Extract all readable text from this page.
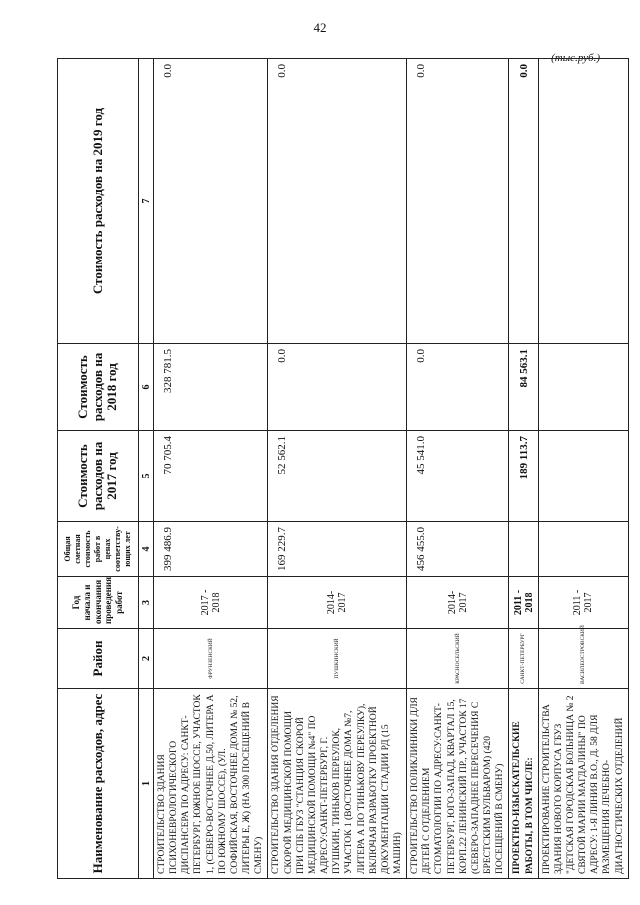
42
(тыс.руб.)
Наименование расходов, адрес	Район	Год начала и окончания проведения работ	Общая сметная стоимость работ в ценах соответству-ющих лет	Стоимость расходов на 2017 год	Стоимость расходов на 2018 год	Стоимость расходов на 2019 год
1	2	3	4	5	6	7
СТРОИТЕЛЬСТВО ЗДАНИЯ ПСИХОНЕВРОЛОГИЧЕСКОГО ДИСПАНСЕРА ПО АДРЕСУ: САНКТ-ПЕТЕРБУРГ, ЮЖНОЕ ШОССЕ, УЧАСТОК 1, (СЕВЕРО-ВОСТОЧНЕЕ Д.50, ЛИТЕРА А ПО ЮЖНОМУ ШОССЕ), (УЛ. СОФИЙСКАЯ, ВОСТОЧНЕЕ ДОМА № 52, ЛИТЕРЫ Е, Ж) (НА 300 ПОСЕЩЕНИЙ В СМЕНУ)	ФРУНЗЕНСКИЙ	2017 - 2018	399 486.9	70 705.4	328 781.5	0.0
СТРОИТЕЛЬСТВО ЗДАНИЯ ОТДЕЛЕНИЯ СКОРОЙ МЕДИЦИНСКОЙ ПОМОЩИ ПРИ СПБ ГБУЗ "СТАНЦИЯ СКОРОЙ МЕДИЦИНСКОЙ ПОМОЩИ №4" ПО АДРЕСУ:САНКТ-ПЕТЕРБУРГ, Г. ПУШКИН, ТИНЬКОВ ПЕРЕУЛОК, УЧАСТОК 1 (ВОСТОЧНЕЕ ДОМА №7, ЛИТЕРА А ПО ТИНЬКОВУ ПЕРЕУЛКУ), ВКЛЮЧАЯ РАЗРАБОТКУ ПРОЕКТНОЙ ДОКУМЕНТАЦИИ СТАДИИ РД (15 МАШИН)	ПУШКИНСКИЙ	2014-2017	169 229.7	52 562.1	0.0	0.0
СТРОИТЕЛЬСТВО ПОЛИКЛИНИКИ ДЛЯ ДЕТЕЙ С ОТДЕЛЕНИЕМ СТОМАТОЛОГИИ ПО АДРЕСУ:САНКТ-ПЕТЕРБУРГ, ЮГО-ЗАПАД, КВАРТАЛ 15, КОРП.22 ЛЕНИНСКИЙ ПР., УЧАСТОК 17 (СЕВЕРО-ЗАПАДНЕЕ ПЕРЕСЕЧЕНИЯ С БРЕСТСКИМ БУЛЬВАРОМ) (420 ПОСЕЩЕНИЙ В СМЕНУ)	КРАСНОСЕЛЬСКИЙ	2014-2017	456 455.0	45 541.0	0.0	0.0
ПРОЕКТНО-ИЗЫСКАТЕЛЬСКИЕ РАБОТЫ, В ТОМ ЧИСЛЕ:	САНКТ-ПЕТЕРБУРГ	2011 - 2018		189 113.7	84 563.1	0.0
ПРОЕКТИРОВАНИЕ СТРОИТЕЛЬСТВА ЗДАНИЯ НОВОГО КОРПУСА ГБУЗ "ДЕТСКАЯ ГОРОДСКАЯ БОЛЬНИЦА № 2 СВЯТОЙ МАРИИ МАГДАЛИНЫ" ПО АДРЕСУ: 1-Я ЛИНИЯ В.О., Д. 58 ДЛЯ РАЗМЕЩЕНИЯ ЛЕЧЕБНО-ДИАГНОСТИЧЕСКИХ ОТДЕЛЕНИЙ	ВАСИЛЕОСТРОВСКИЙ	2011 - 2017				
